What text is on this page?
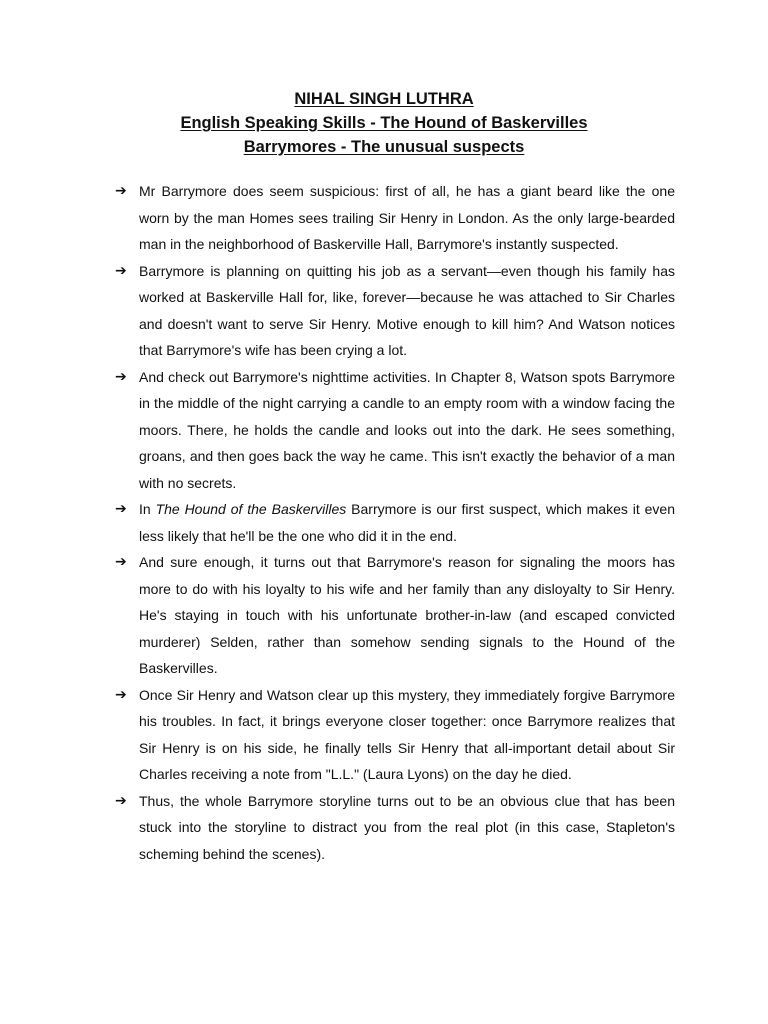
NIHAL SINGH LUTHRA
English Speaking Skills - The Hound of Baskervilles
Barrymores - The unusual suspects
➔ Mr Barrymore does seem suspicious: first of all, he has a giant beard like the one worn by the man Homes sees trailing Sir Henry in London. As the only large-bearded man in the neighborhood of Baskerville Hall, Barrymore's instantly suspected.
➔ Barrymore is planning on quitting his job as a servant—even though his family has worked at Baskerville Hall for, like, forever—because he was attached to Sir Charles and doesn't want to serve Sir Henry. Motive enough to kill him? And Watson notices that Barrymore's wife has been crying a lot.
➔ And check out Barrymore's nighttime activities. In Chapter 8, Watson spots Barrymore in the middle of the night carrying a candle to an empty room with a window facing the moors. There, he holds the candle and looks out into the dark. He sees something, groans, and then goes back the way he came. This isn't exactly the behavior of a man with no secrets.
➔ In The Hound of the Baskervilles Barrymore is our first suspect, which makes it even less likely that he'll be the one who did it in the end.
➔ And sure enough, it turns out that Barrymore's reason for signaling the moors has more to do with his loyalty to his wife and her family than any disloyalty to Sir Henry. He's staying in touch with his unfortunate brother-in-law (and escaped convicted murderer) Selden, rather than somehow sending signals to the Hound of the Baskervilles.
➔ Once Sir Henry and Watson clear up this mystery, they immediately forgive Barrymore his troubles. In fact, it brings everyone closer together: once Barrymore realizes that Sir Henry is on his side, he finally tells Sir Henry that all-important detail about Sir Charles receiving a note from "L.L." (Laura Lyons) on the day he died.
➔ Thus, the whole Barrymore storyline turns out to be an obvious clue that has been stuck into the storyline to distract you from the real plot (in this case, Stapleton's scheming behind the scenes).
